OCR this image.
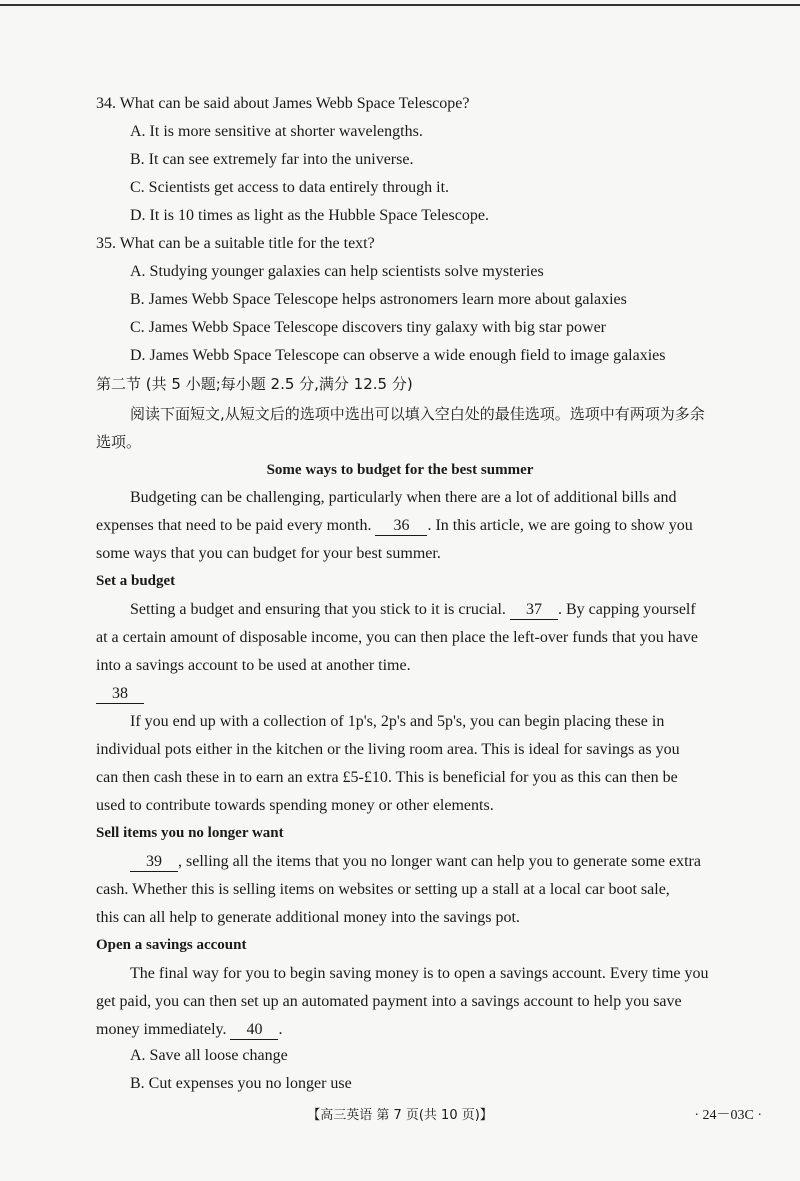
34. What can be said about James Webb Space Telescope?
A. It is more sensitive at shorter wavelengths.
B. It can see extremely far into the universe.
C. Scientists get access to data entirely through it.
D. It is 10 times as light as the Hubble Space Telescope.
35. What can be a suitable title for the text?
A. Studying younger galaxies can help scientists solve mysteries
B. James Webb Space Telescope helps astronomers learn more about galaxies
C. James Webb Space Telescope discovers tiny galaxy with big star power
D. James Webb Space Telescope can observe a wide enough field to image galaxies
第二节 (共 5 小题;每小题 2.5 分,满分 12.5 分)
阅读下面短文,从短文后的选项中选出可以填入空白处的最佳选项。选项中有两项为多余
选项。
Some ways to budget for the best summer
Budgeting can be challenging, particularly when there are a lot of additional bills and
expenses that need to be paid every month. 36 . In this article, we are going to show you
some ways that you can budget for your best summer.
Set a budget
Setting a budget and ensuring that you stick to it is crucial. 37 . By capping yourself
at a certain amount of disposable income, you can then place the left-over funds that you have
into a savings account to be used at another time.
38
If you end up with a collection of 1p's, 2p's and 5p's, you can begin placing these in
individual pots either in the kitchen or the living room area. This is ideal for savings as you
can then cash these in to earn an extra £5-£10. This is beneficial for you as this can then be
used to contribute towards spending money or other elements.
Sell items you no longer want
39 , selling all the items that you no longer want can help you to generate some extra
cash. Whether this is selling items on websites or setting up a stall at a local car boot sale,
this can all help to generate additional money into the savings pot.
Open a savings account
The final way for you to begin saving money is to open a savings account. Every time you
get paid, you can then set up an automated payment into a savings account to help you save
money immediately. 40 .
A. Save all loose change
B. Cut expenses you no longer use
【高三英语 第 7 页(共 10 页)】	· 24－03C ·
